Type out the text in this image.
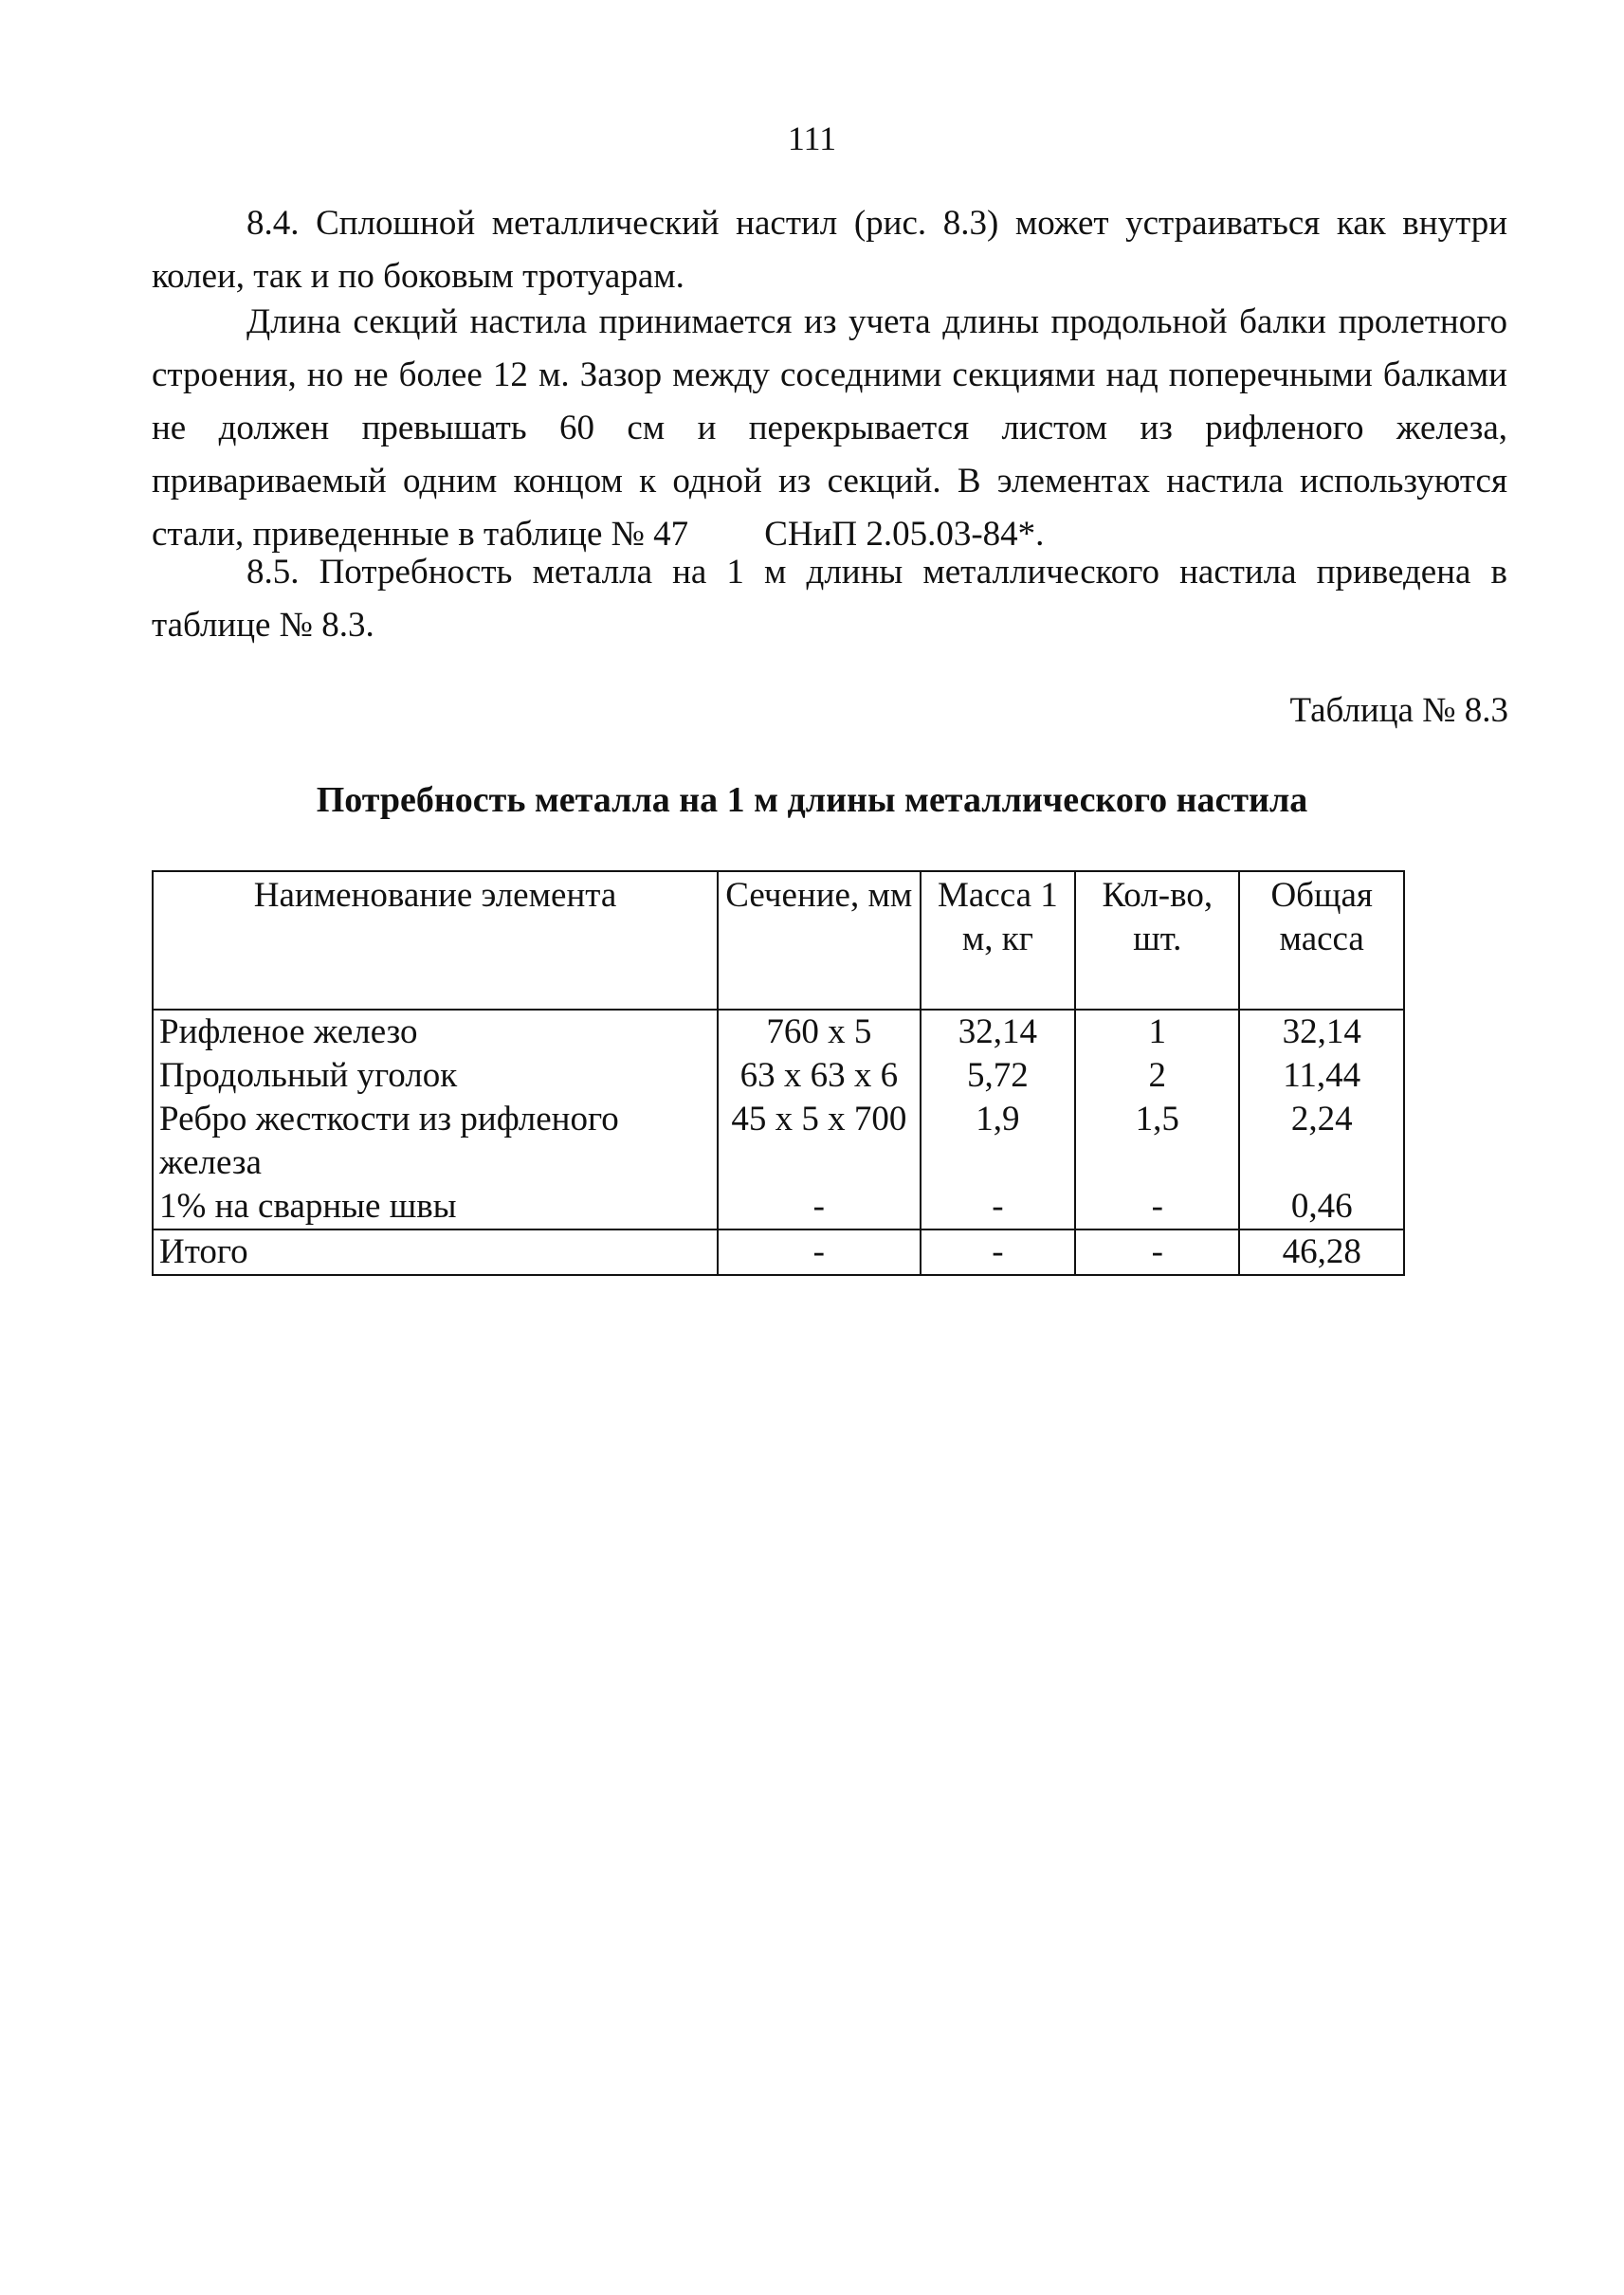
111

8.4. Сплошной металлический настил (рис. 8.3) может устраиваться как внутри колеи, так и по боковым тротуарам.

Длина секций настила принимается из учета длины продольной балки пролетного строения, но не более 12 м. Зазор между соседними секциями над поперечными балками не должен превышать 60 см и перекрывается листом из рифленого железа, привариваемый одним концом к одной из секций. В элементах настила используются стали, приведенные в таблице № 47 СНиП 2.05.03-84*.

8.5. Потребность металла на 1 м длины металлического настила приведена в таблице № 8.3.

Таблица № 8.3
Потребность металла на 1 м длины металлического настила
Наименование элемента	Сечение, мм	Масса 1 м, кг	Кол-во, шт.	Общая масса
Рифленое железо	760 х 5	32,14	1	32,14
Продольный уголок	63 х 63 х 6	5,72	2	11,44
Ребро жесткости из рифленого железа	45 х 5 х 700	1,9	1,5	2,24
1% на сварные швы	-	-	-	0,46
Итого	-	-	-	46,28
